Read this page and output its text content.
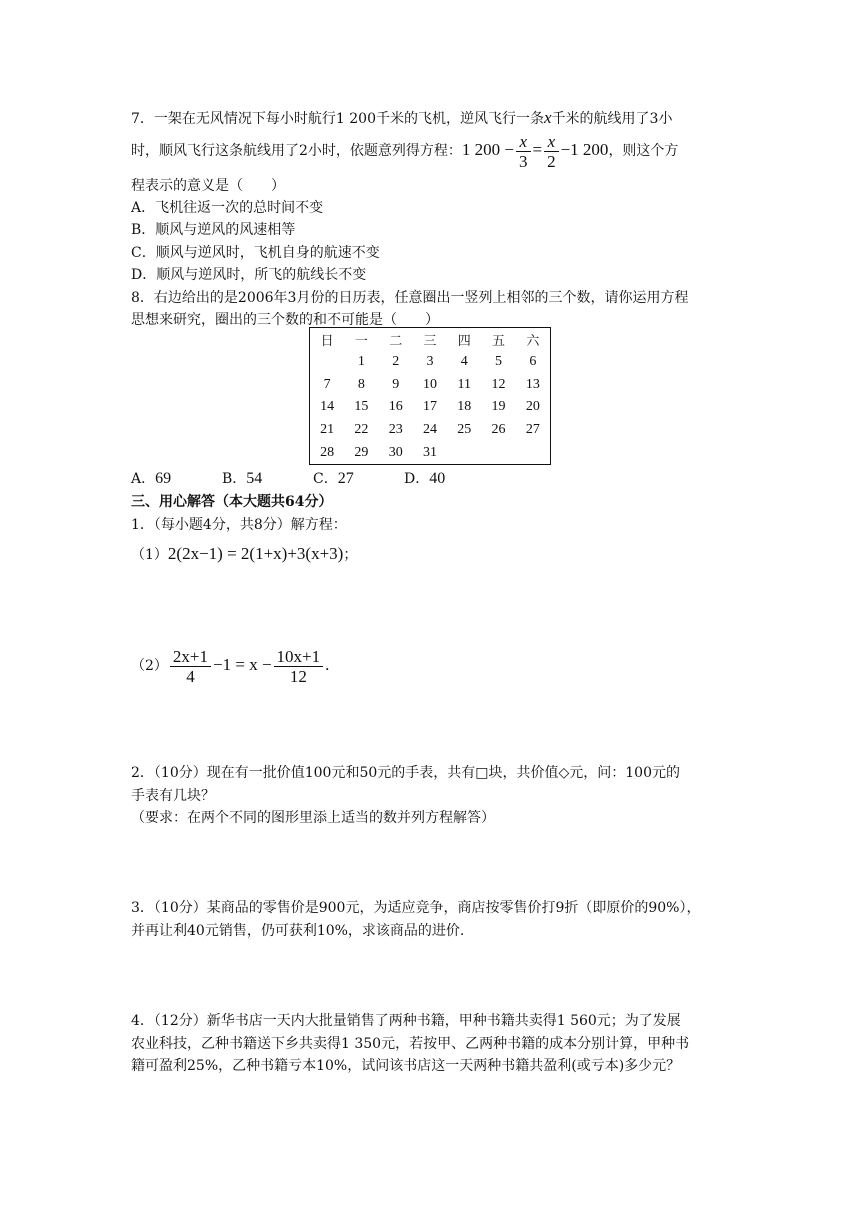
7．一架在无风情况下每小时航行1 200千米的飞机，逆风飞行一条x千米的航线用了3小
时，顺风飞行这条航线用了2小时，依题意列得方程：1 $200 - \frac{x}{3} = \frac{x}{2} -1$ 200，则这个方
程表示的意义是（　　）
A．飞机往返一次的总时间不变
B．顺风与逆风的风速相等
C．顺风与逆风时，飞机自身的航速不变
D．顺风与逆风时，所飞的航线长不变
8．右边给出的是2006年3月份的日历表，任意圈出一竖列上相邻的三个数，请你运用方程
思想来研究，圈出的三个数的和不可能是（　　）
日	一	二	三	四	五	六
	1	2	3	4	5	6
7	8	9	10	11	12	13
14	15	16	17	18	19	20
21	22	23	24	25	26	27
28	29	30	31			
A．69	B．54	C．27	D．40
三、用心解答（本大题共64分）
1．（每小题4分，共8分）解方程：
（1）2(2x−1) = 2(1+x)+3(x+3)；
$(2) \frac{2x+1}{4} -1 = x - \frac{10x+1}{12}$ .
2．（10分）现在有一批价值100元和50元的手表，共有□块，共价值◇元，问：100元的
手表有几块？
（要求：在两个不同的图形里添上适当的数并列方程解答）
3．（10分）某商品的零售价是900元，为适应竞争，商店按零售价打9折（即原价的90%），
并再让利40元销售，仍可获利10%，求该商品的进价.
4．（12分）新华书店一天内大批量销售了两种书籍，甲种书籍共卖得1 560元；为了发展
农业科技，乙种书籍送下乡共卖得1 350元，若按甲、乙两种书籍的成本分别计算，甲种书
籍可盈利25%，乙种书籍亏本10%，试问该书店这一天两种书籍共盈利(或亏本)多少元？
